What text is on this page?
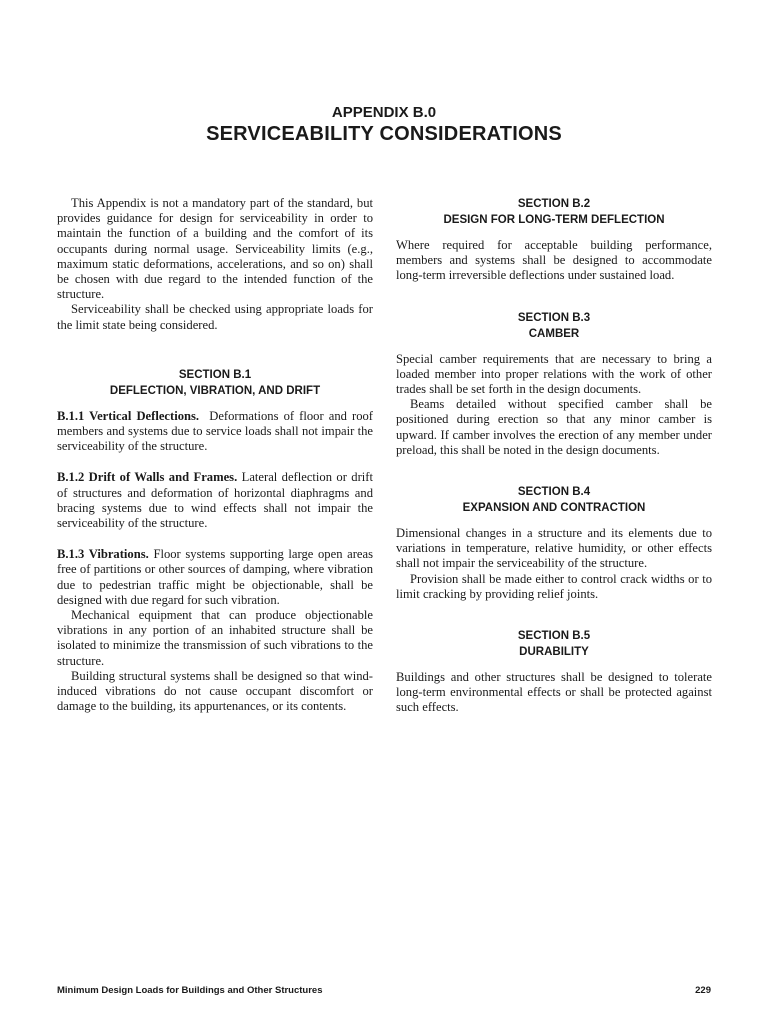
APPENDIX B.0
SERVICEABILITY CONSIDERATIONS

This Appendix is not a mandatory part of the standard, but provides guidance for design for serviceability in order to maintain the function of a building and the comfort of its occupants during normal usage. Serviceability limits (e.g., maximum static deformations, accelerations, and so on) shall be chosen with due regard to the intended function of the structure.

Serviceability shall be checked using appropriate loads for the limit state being considered.

SECTION B.1
DEFLECTION, VIBRATION, AND DRIFT

B.1.1 Vertical Deflections. Deformations of floor and roof members and systems due to service loads shall not impair the serviceability of the structure.

B.1.2 Drift of Walls and Frames. Lateral deflection or drift of structures and deformation of horizontal diaphragms and bracing systems due to wind effects shall not impair the serviceability of the structure.

B.1.3 Vibrations. Floor systems supporting large open areas free of partitions or other sources of damping, where vibration due to pedestrian traffic might be objectionable, shall be designed with due regard for such vibration.

Mechanical equipment that can produce objectionable vibrations in any portion of an inhabited structure shall be isolated to minimize the transmission of such vibrations to the structure.

Building structural systems shall be designed so that wind-induced vibrations do not cause occupant discomfort or damage to the building, its appurtenances, or its contents.

SECTION B.2
DESIGN FOR LONG-TERM DEFLECTION

Where required for acceptable building performance, members and systems shall be designed to accommodate long-term irreversible deflections under sustained load.

SECTION B.3
CAMBER

Special camber requirements that are necessary to bring a loaded member into proper relations with the work of other trades shall be set forth in the design documents.

Beams detailed without specified camber shall be positioned during erection so that any minor camber is upward. If camber involves the erection of any member under preload, this shall be noted in the design documents.

SECTION B.4
EXPANSION AND CONTRACTION

Dimensional changes in a structure and its elements due to variations in temperature, relative humidity, or other effects shall not impair the serviceability of the structure.

Provision shall be made either to control crack widths or to limit cracking by providing relief joints.

SECTION B.5
DURABILITY

Buildings and other structures shall be designed to tolerate long-term environmental effects or shall be protected against such effects.

Minimum Design Loads for Buildings and Other Structures	229
